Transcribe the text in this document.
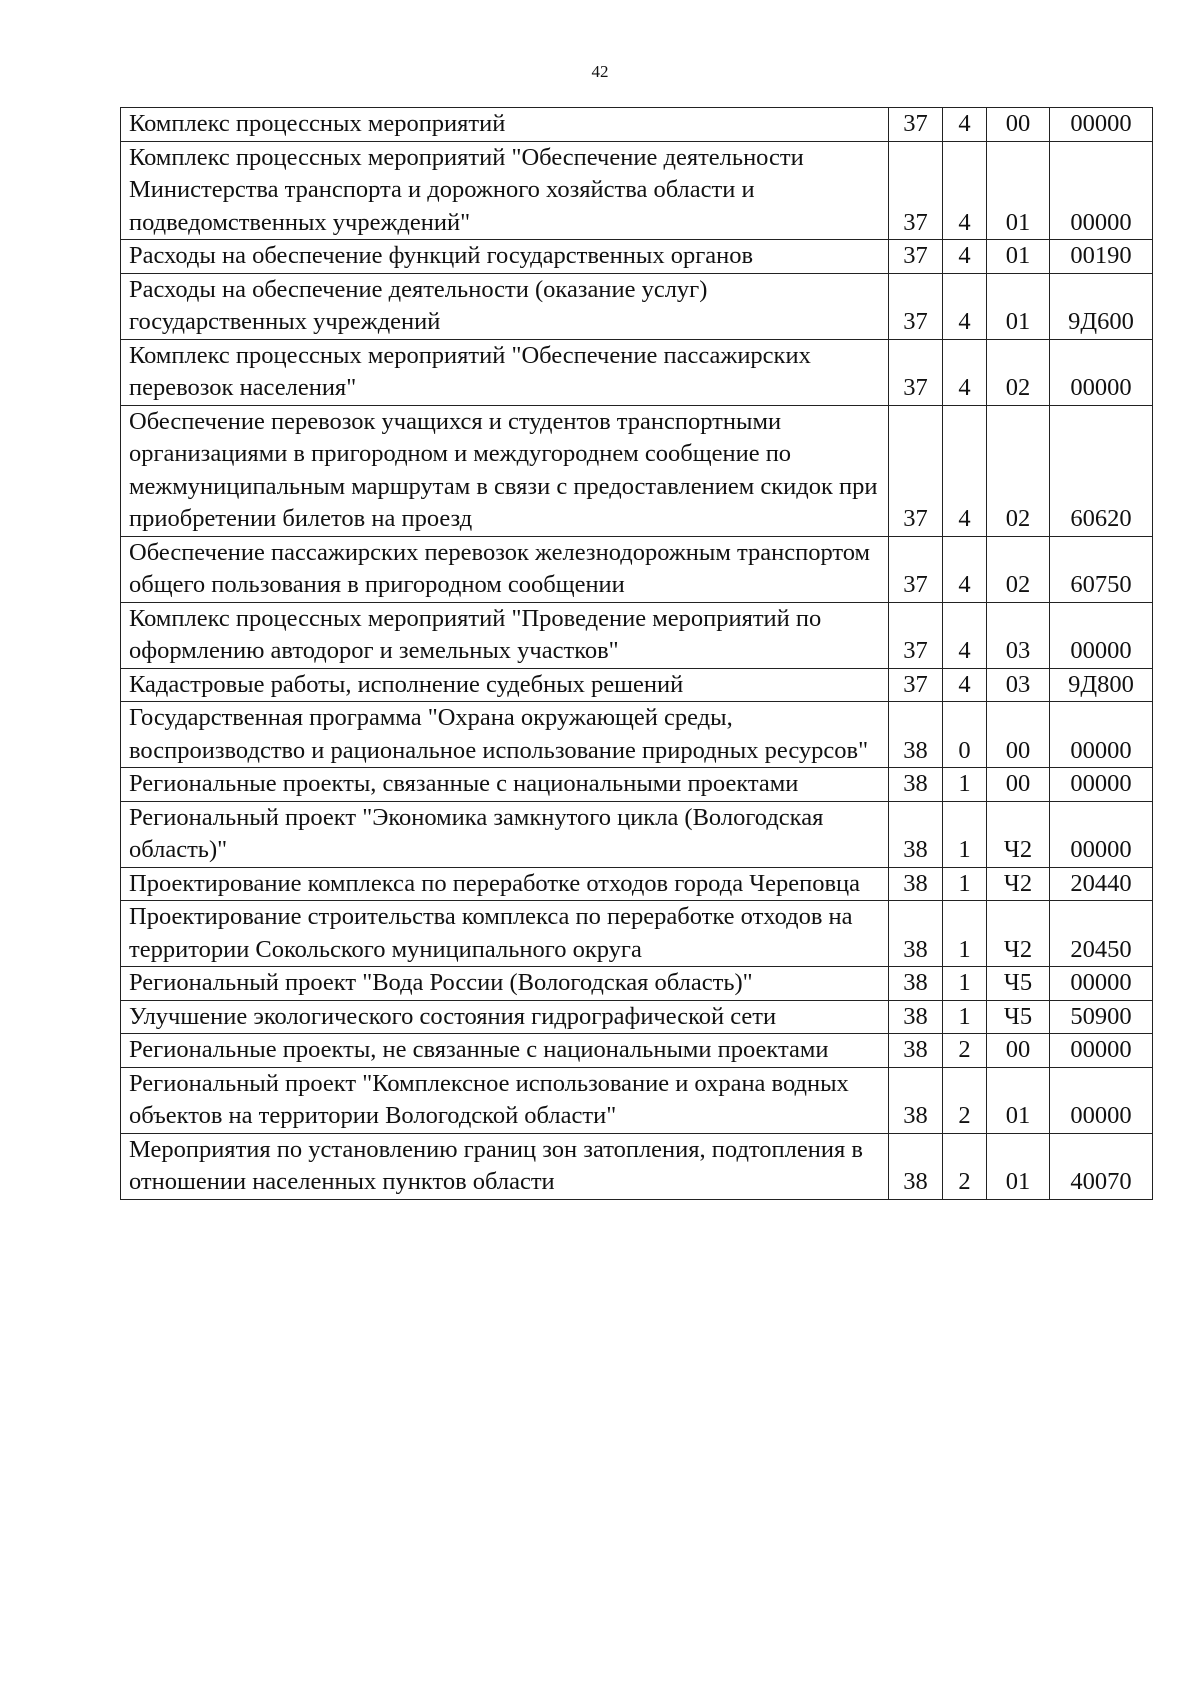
42
Комплекс процессных мероприятий	37	4	00	00000
Комплекс процессных мероприятий "Обеспечение деятельности Министерства транспорта и дорожного хозяйства области и подведомственных учреждений"	37	4	01	00000
Расходы на обеспечение функций государственных органов	37	4	01	00190
Расходы на обеспечение деятельности (оказание услуг) государственных учреждений	37	4	01	9Д600
Комплекс процессных мероприятий "Обеспечение пассажирских перевозок населения"	37	4	02	00000
Обеспечение перевозок учащихся и студентов транспортными организациями в пригородном и междугороднем сообщение по межмуниципальным маршрутам в связи с предоставлением скидок при приобретении билетов на проезд	37	4	02	60620
Обеспечение пассажирских перевозок железнодорожным транспортом общего пользования в пригородном сообщении	37	4	02	60750
Комплекс процессных мероприятий "Проведение мероприятий по оформлению автодорог и земельных участков"	37	4	03	00000
Кадастровые работы, исполнение судебных решений	37	4	03	9Д800
Государственная программа "Охрана окружающей среды, воспроизводство и рациональное использование природных ресурсов"	38	0	00	00000
Региональные проекты, связанные с национальными проектами	38	1	00	00000
Региональный проект "Экономика замкнутого цикла (Вологодская область)"	38	1	Ч2	00000
Проектирование комплекса по переработке отходов города Череповца	38	1	Ч2	20440
Проектирование строительства комплекса по переработке отходов на территории Сокольского муниципального округа	38	1	Ч2	20450
Региональный проект "Вода России (Вологодская область)"	38	1	Ч5	00000
Улучшение экологического состояния гидрографической сети	38	1	Ч5	50900
Региональные проекты, не связанные с национальными проектами	38	2	00	00000
Региональный проект "Комплексное использование и охрана водных объектов на территории Вологодской области"	38	2	01	00000
Мероприятия по установлению границ зон затопления, подтопления в отношении населенных пунктов области	38	2	01	40070
